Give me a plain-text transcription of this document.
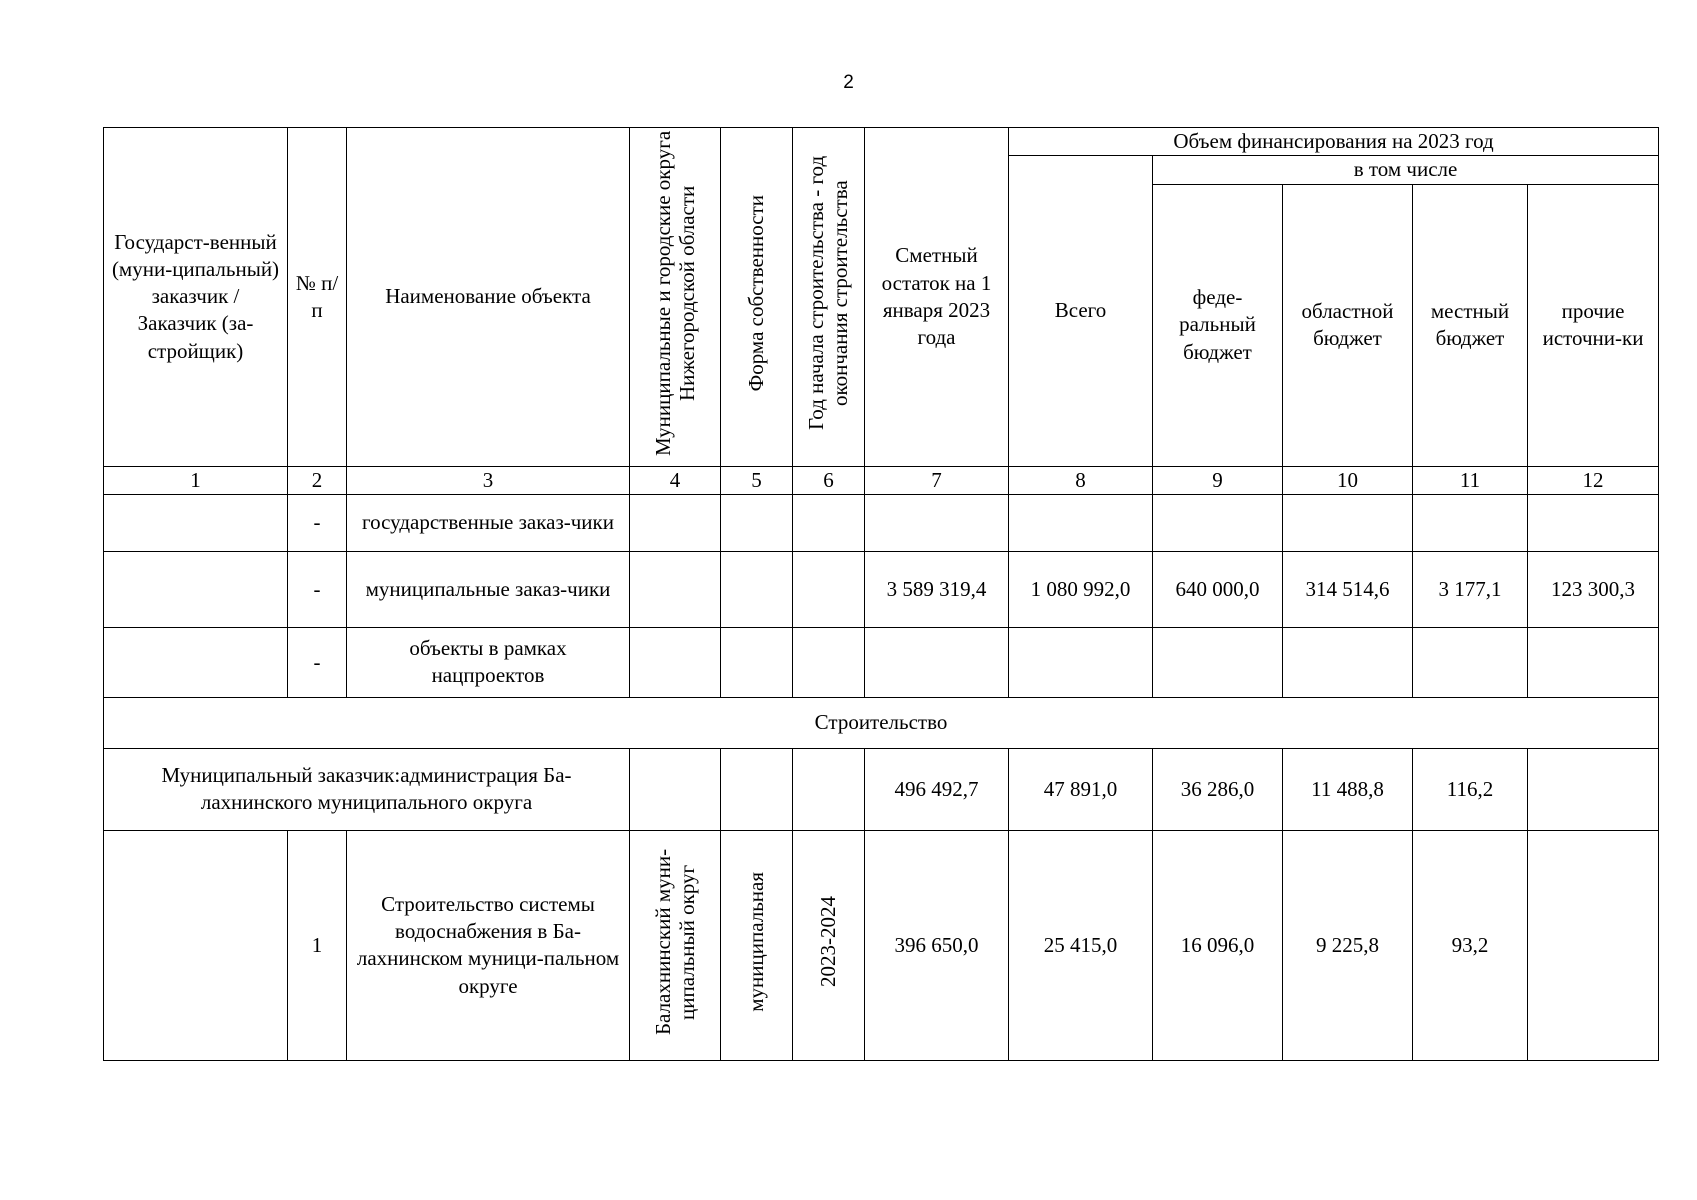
2
Государст-венный (муни-ципальный) заказчик / Заказчик (за-стройщик)	№ п/п	Наименование объекта	Муниципальные и городские округа Нижегородской области	Форма собственности	Год начала строительства - год окончания строительства	Сметный остаток на 1 января 2023 года	Объем финансирования на 2023 год				
							Всего	в том числе			
								феде-ральный бюджет	областной бюджет	местный бюджет	прочие источни-ки
1	2	3	4	5	6	7	8	9	10	11	12
	-	государственные заказ-чики									
	-	муниципальные заказ-чики				3 589 319,4	1 080 992,0	640 000,0	314 514,6	3 177,1	123 300,3
	-	объекты в рамках нацпроектов									
Строительство											
Муниципальный заказчик:администрация Ба-лахнинского муниципального округа						496 492,7	47 891,0	36 286,0	11 488,8	116,2	
	1	Строительство системы водоснабжения в Ба-лахнинском муници-пальном округе	Балахнинский муни-ципальный округ	муниципальная	2023-2024	396 650,0	25 415,0	16 096,0	9 225,8	93,2	
